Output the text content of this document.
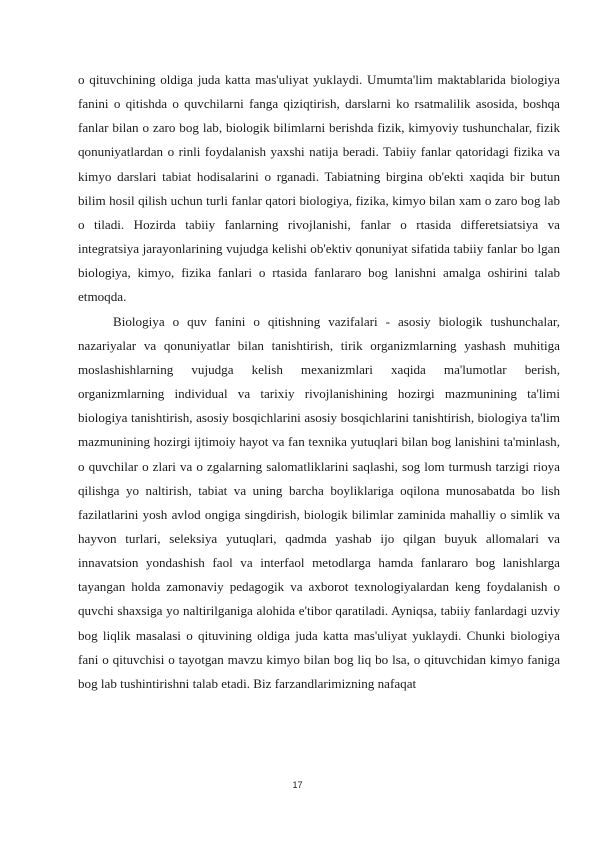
o qituvchining oldiga juda katta mas'uliyat yuklaydi. Umumta'lim maktablarida biologiya fanini o qitishda o quvchilarni fanga qiziqtirish, darslarni ko rsatmalilik asosida, boshqa fanlar bilan o zaro bog lab, biologik bilimlarni berishda fizik, kimyoviy tushunchalar, fizik qonuniyatlardan o rinli foydalanish yaxshi natija beradi. Tabiiy fanlar qatoridagi fizika va kimyo darslari tabiat hodisalarini o rganadi. Tabiatning birgina ob'ekti xaqida bir butun bilim hosil qilish uchun turli fanlar qatori biologiya, fizika, kimyo bilan xam o zaro bog lab o tiladi. Hozirda tabiiy fanlarning rivojlanishi, fanlar o rtasida differetsiatsiya va integratsiya jarayonlarining vujudga kelishi ob'ektiv qonuniyat sifatida tabiiy fanlar bo lgan biologiya, kimyo, fizika fanlari o rtasida fanlararo bog lanishni amalga oshirini talab etmoqda.

Biologiya o quv fanini o qitishning vazifalari - asosiy biologik tushunchalar, nazariyalar va qonuniyatlar bilan tanishtirish, tirik organizmlarning yashash muhitiga moslashishlarning vujudga kelish mexanizmlari xaqida ma'lumotlar berish, organizmlarning individual va tarixiy rivojlanishining hozirgi mazmunining ta'limi biologiya tanishtirish, asosiy bosqichlarini asosiy bosqichlarini tanishtirish, biologiya ta'lim mazmunining hozirgi ijtimoiy hayot va fan texnika yutuqlari bilan bog lanishini ta'minlash, o quvchilar o zlari va o zgalarning salomatliklarini saqlashi, sog lom turmush tarzigi rioya qilishga yo naltirish, tabiat va uning barcha boyliklariga oqilona munosabatda bo lish fazilatlarini yosh avlod ongiga singdirish, biologik bilimlar zaminida mahalliy o simlik va hayvon turlari, seleksiya yutuqlari, qadmda yashab ijo qilgan buyuk allomalari va innavatsion yondashish faol va interfaol metodlarga hamda fanlararo bog lanishlarga tayangan holda zamonaviy pedagogik va axborot texnologiyalardan keng foydalanish o quvchi shaxsiga yo naltirilganiga alohida e'tibor qaratiladi. Ayniqsa, tabiiy fanlardagi uzviy bog liqlik masalasi o qituvining oldiga juda katta mas'uliyat yuklaydi. Chunki biologiya fani o qituvchisi o tayotgan mavzu kimyo bilan bog liq bo lsa, o qituvchidan kimyo faniga bog lab tushintirishni talab etadi. Biz farzandlarimizning nafaqat

17
